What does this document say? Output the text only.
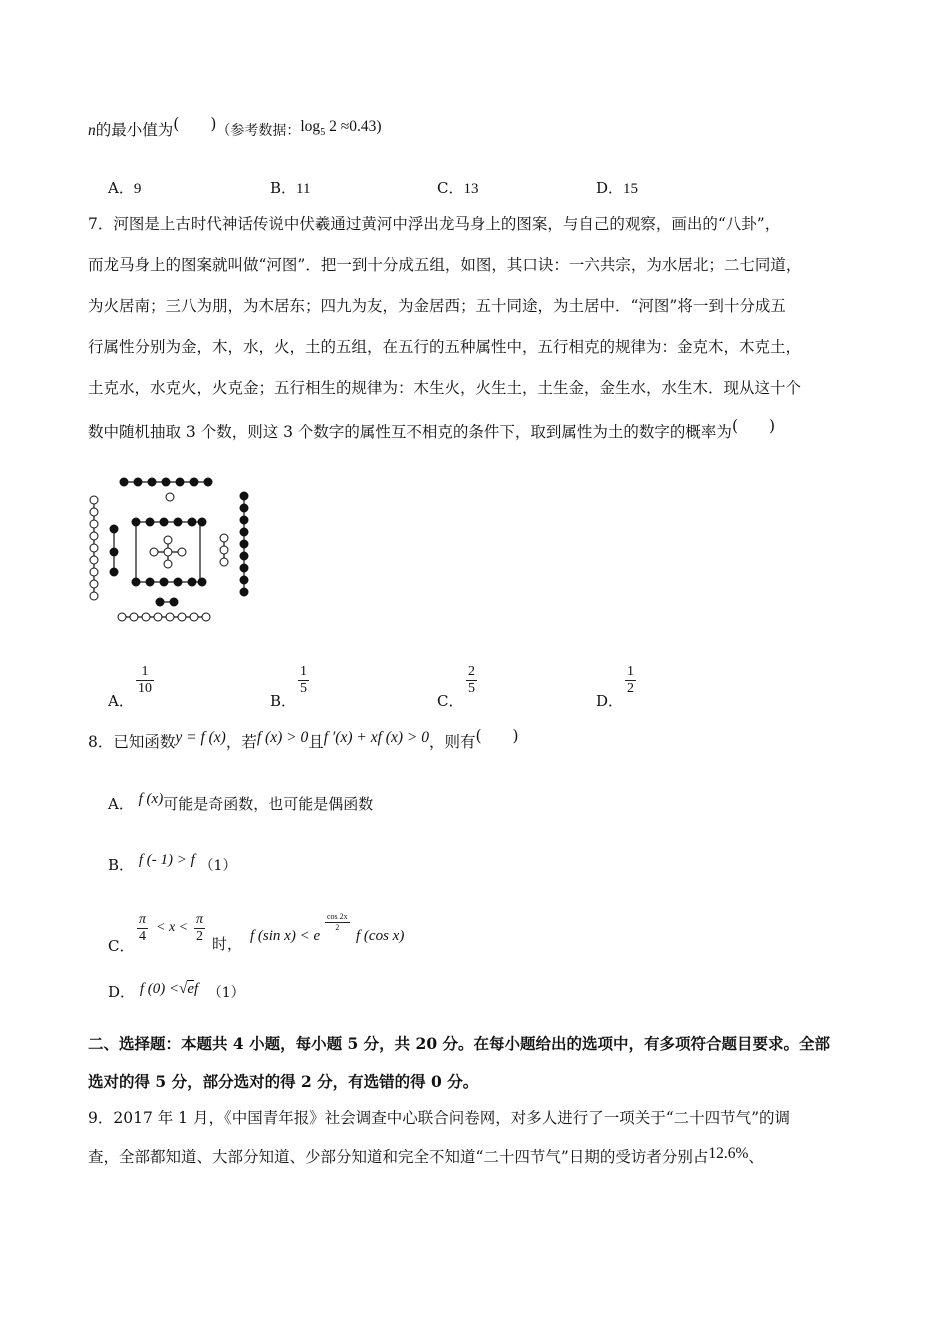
n的最小值为(　　)（参考数据：$\log_5 2 \approx 0.43$)
A．9	B．11	C．13	D．15
7．河图是上古时代神话传说中伏羲通过黄河中浮出龙马身上的图案，与自己的观察，画出的“八卦”，
而龙马身上的图案就叫做“河图”．把一到十分成五组，如图，其口诀：一六共宗，为水居北；二七同道，
为火居南；三八为朋，为木居东；四九为友，为金居西；五十同途，为土居中．“河图”将一到十分成五
行属性分别为金，木，水，火，土的五组，在五行的五种属性中，五行相克的规律为：金克木，木克土，
土克水，水克火，火克金；五行相生的规律为：木生火，火生土，土生金，金生水，水生木．现从这十个
数中随机抽取 3 个数，则这 3 个数字的属性互不相克的条件下，取到属性为土的数字的概率为(　　)
A．
1
10
B．
1
5
C．
2
5
D．
1
2
8．已知函数y = f (x)，若f (x) > 0且f ′(x) + xf (x) > 0，则有(　　)
A． f (x)可能是奇函数，也可能是偶函数
B． f (- 1) > f （1）
C．
π
4
< x <
π
2 时， f (sin x) < e
cos 2x
2
f (cos x)
D． f (0) <√ef （1）
二、选择题：本题共 4 小题，每小题 5 分，共 20 分。在每小题给出的选项中，有多项符合题目要求。全部
选对的得 5 分，部分选对的得 2 分，有选错的得 0 分。
9．2017 年 1 月，《中国青年报》社会调查中心联合问卷网，对多人进行了一项关于“二十四节气”的调
查，全部都知道、大部分知道、少部分知道和完全不知道“二十四节气”日期的受访者分别占12.6%、
